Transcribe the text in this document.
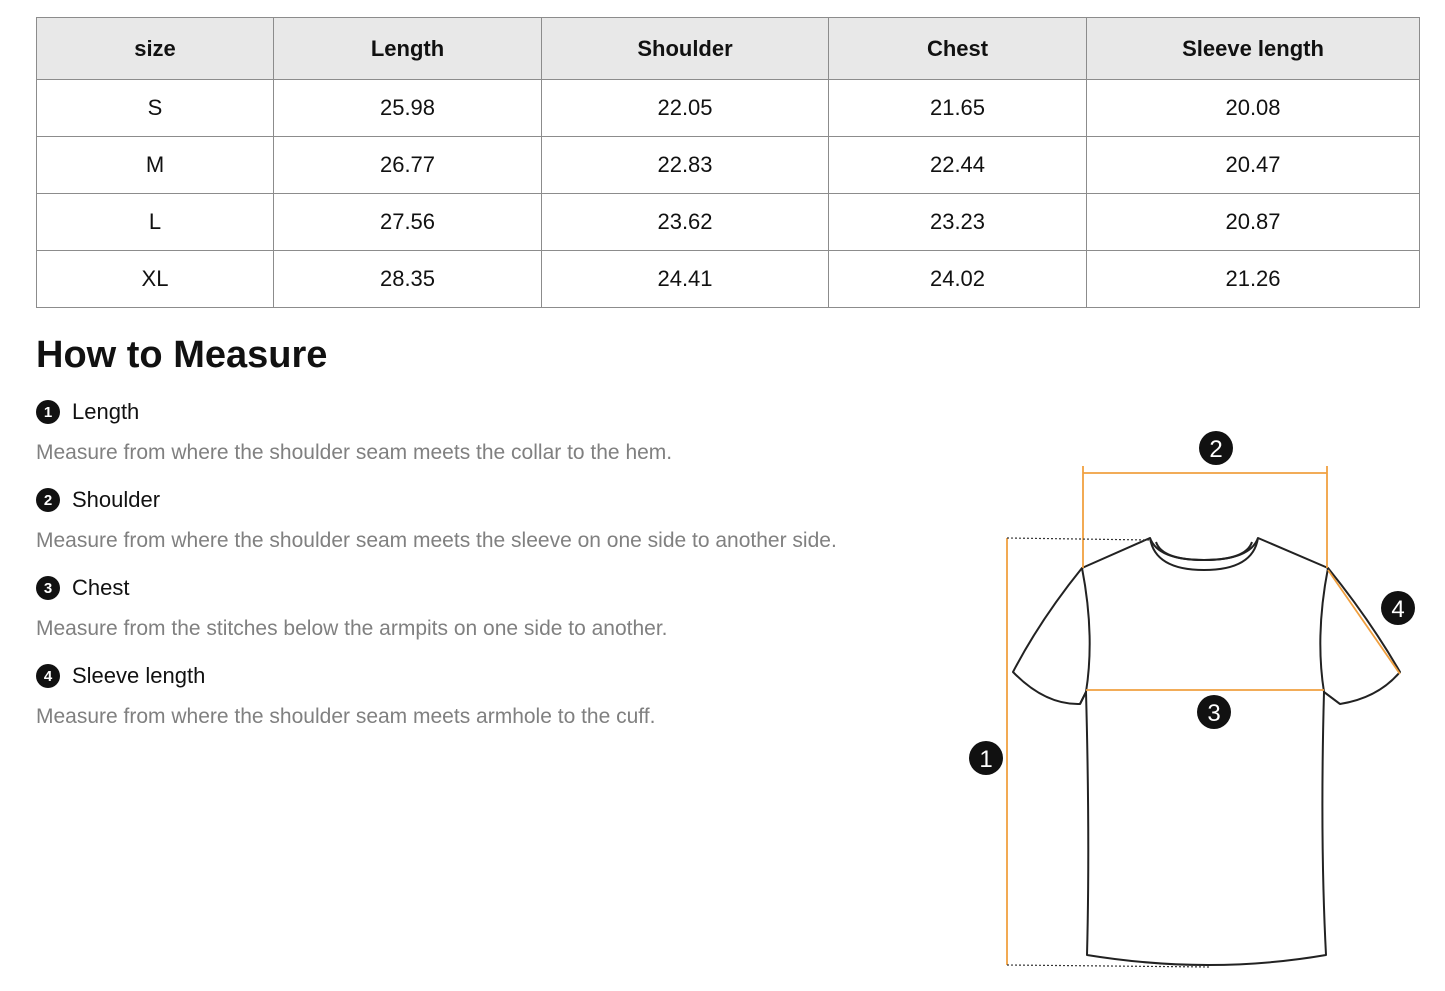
size	Length	Shoulder	Chest	Sleeve length
S	25.98	22.05	21.65	20.08
M	26.77	22.83	22.44	20.47
L	27.56	23.62	23.23	20.87
XL	28.35	24.41	24.02	21.26
How to Measure
1 Length
Measure from where the shoulder seam meets the collar to the hem.
2 Shoulder
Measure from where the shoulder seam meets the sleeve on one side to another side.
3 Chest
Measure from the stitches below the armpits on one side to another.
4 Sleeve length
Measure from where the shoulder seam meets armhole to the cuff.
1
2
3
4
